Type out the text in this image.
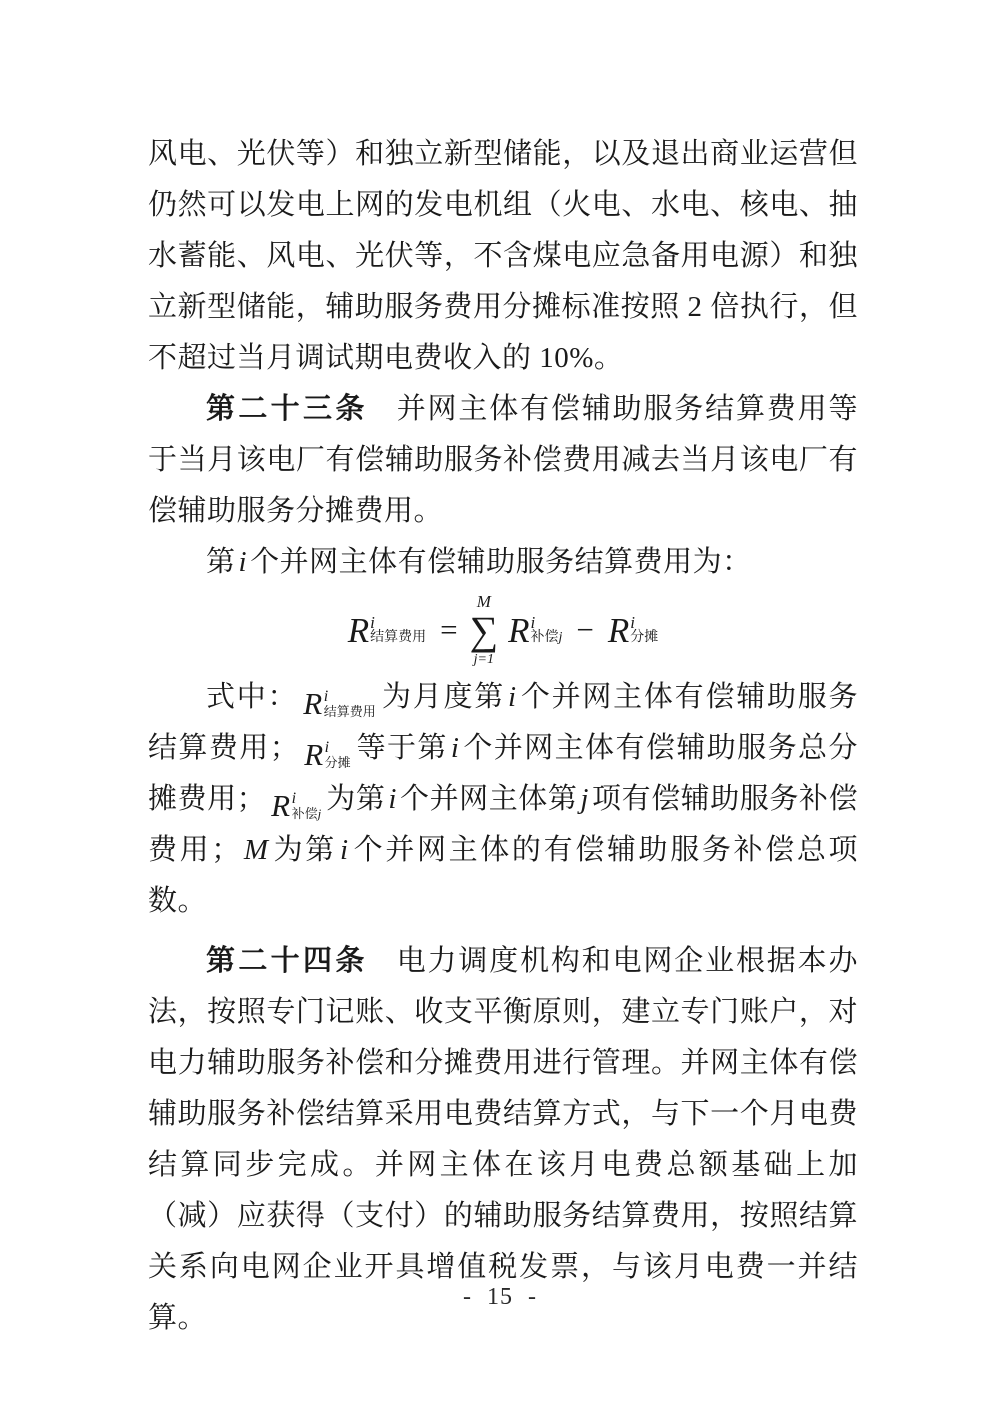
风电、光伏等）和独立新型储能，以及退出商业运营但仍然可以发电上网的发电机组（火电、水电、核电、抽水蓄能、风电、光伏等，不含煤电应急备用电源）和独立新型储能，辅助服务费用分摊标准按照 2 倍执行，但不超过当月调试期电费收入的 10%。

第二十三条 并网主体有偿辅助服务结算费用等于当月该电厂有偿辅助服务补偿费用减去当月该电厂有偿辅助服务分摊费用。

第 i 个并网主体有偿辅助服务结算费用为：

R i
结算费用 =
M
∑
j=1
R i
补偿j − R i
分摊

式中： R i
结算费用 为月度第 i 个并网主体有偿辅助服务结算费用； R i
分摊 等于第 i 个并网主体有偿辅助服务总分摊费用； R i
补偿j 为第 i 个并网主体第 j 项有偿辅助服务补偿费用； M 为第 i 个并网主体的有偿辅助服务补偿总项数。

第二十四条 电力调度机构和电网企业根据本办法，按照专门记账、收支平衡原则，建立专门账户，对电力辅助服务补偿和分摊费用进行管理。并网主体有偿辅助服务补偿结算采用电费结算方式，与下一个月电费结算同步完成。并网主体在该月电费总额基础上加（减）应获得（支付）的辅助服务结算费用，按照结算关系向电网企业开具增值税发票，与该月电费一并结算。

- 15 -
